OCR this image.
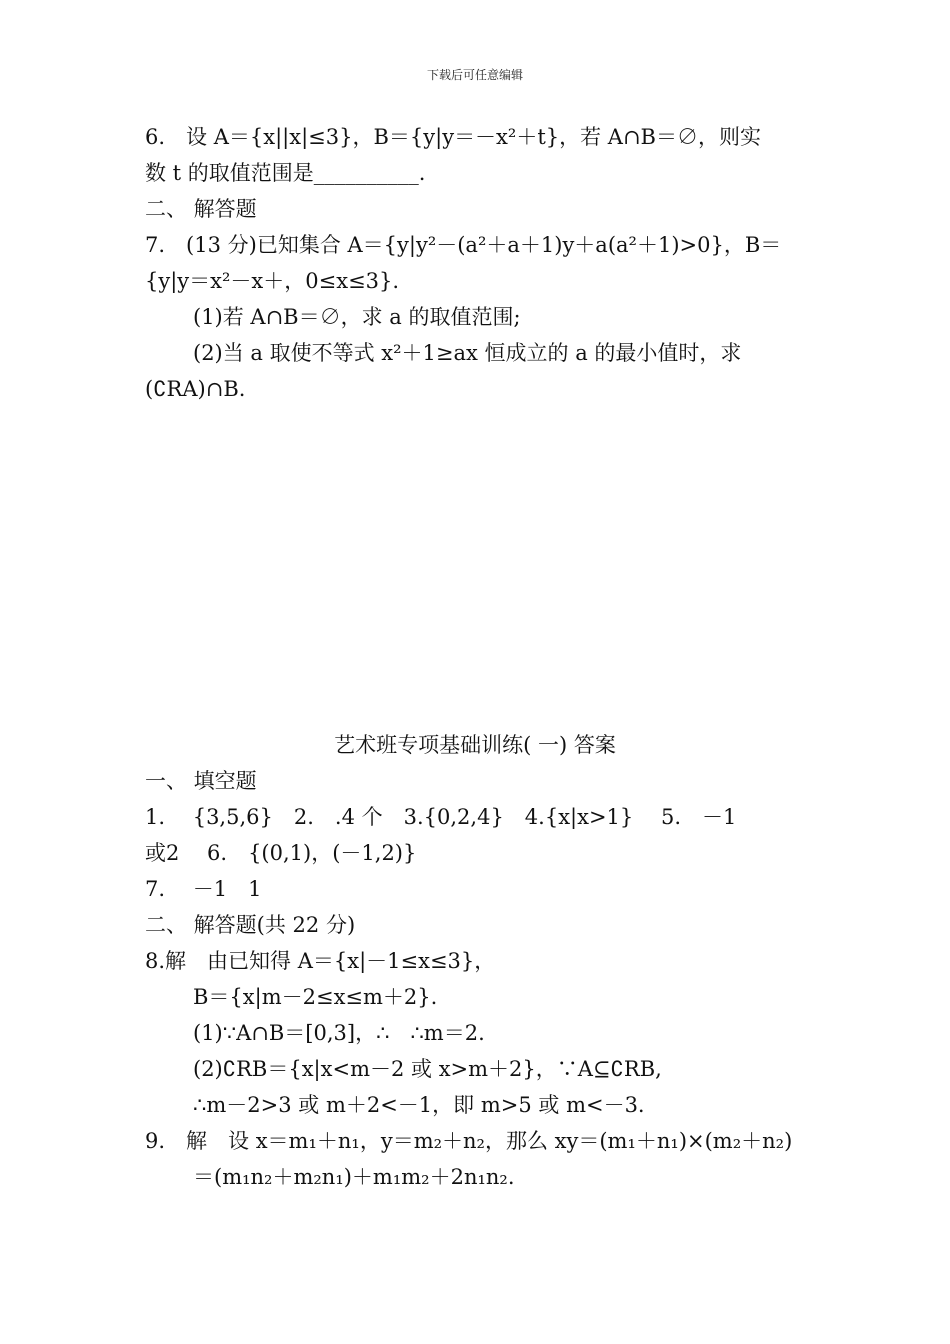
下载后可任意编辑
6.　设 A＝{x||x|≤3}，B＝{y|y＝－x²＋t}，若 A∩B＝∅，则实
数 t 的取值范围是__________.
二、 解答题
7.　(13 分)已知集合 A＝{y|y²－(a²＋a＋1)y＋a(a²＋1)>0}，B＝
{y|y＝x²－x＋，0≤x≤3}.
(1)若 A∩B＝∅，求 a 的取值范围;
(2)当 a 取使不等式 x²＋1≥ax 恒成立的 a 的最小值时，求
(∁RA)∩B.
艺术班专项基础训练( 一) 答案
一、 填空题
1.　 {3,5,6}　2.　.4 个　3.{0,2,4}　4.{x|x>1}　 5.　－1
或2　 6.　{(0,1)，(－1,2)}
7.　 －1　1
二、 解答题(共 22 分)
8.解　由已知得 A＝{x|－1≤x≤3}，
B＝{x|m－2≤x≤m＋2}.
(1)∵A∩B＝[0,3]，∴　∴m＝2.
(2)∁RB＝{x|x<m－2 或 x>m＋2}，∵A⊆∁RB,
∴m－2>3 或 m＋2<－1，即 m>5 或 m<－3.
9.　解　设 x＝m₁＋n₁，y＝m₂＋n₂，那么 xy＝(m₁＋n₁)×(m₂＋n₂)
＝(m₁n₂＋m₂n₁)＋m₁m₂＋2n₁n₂.
